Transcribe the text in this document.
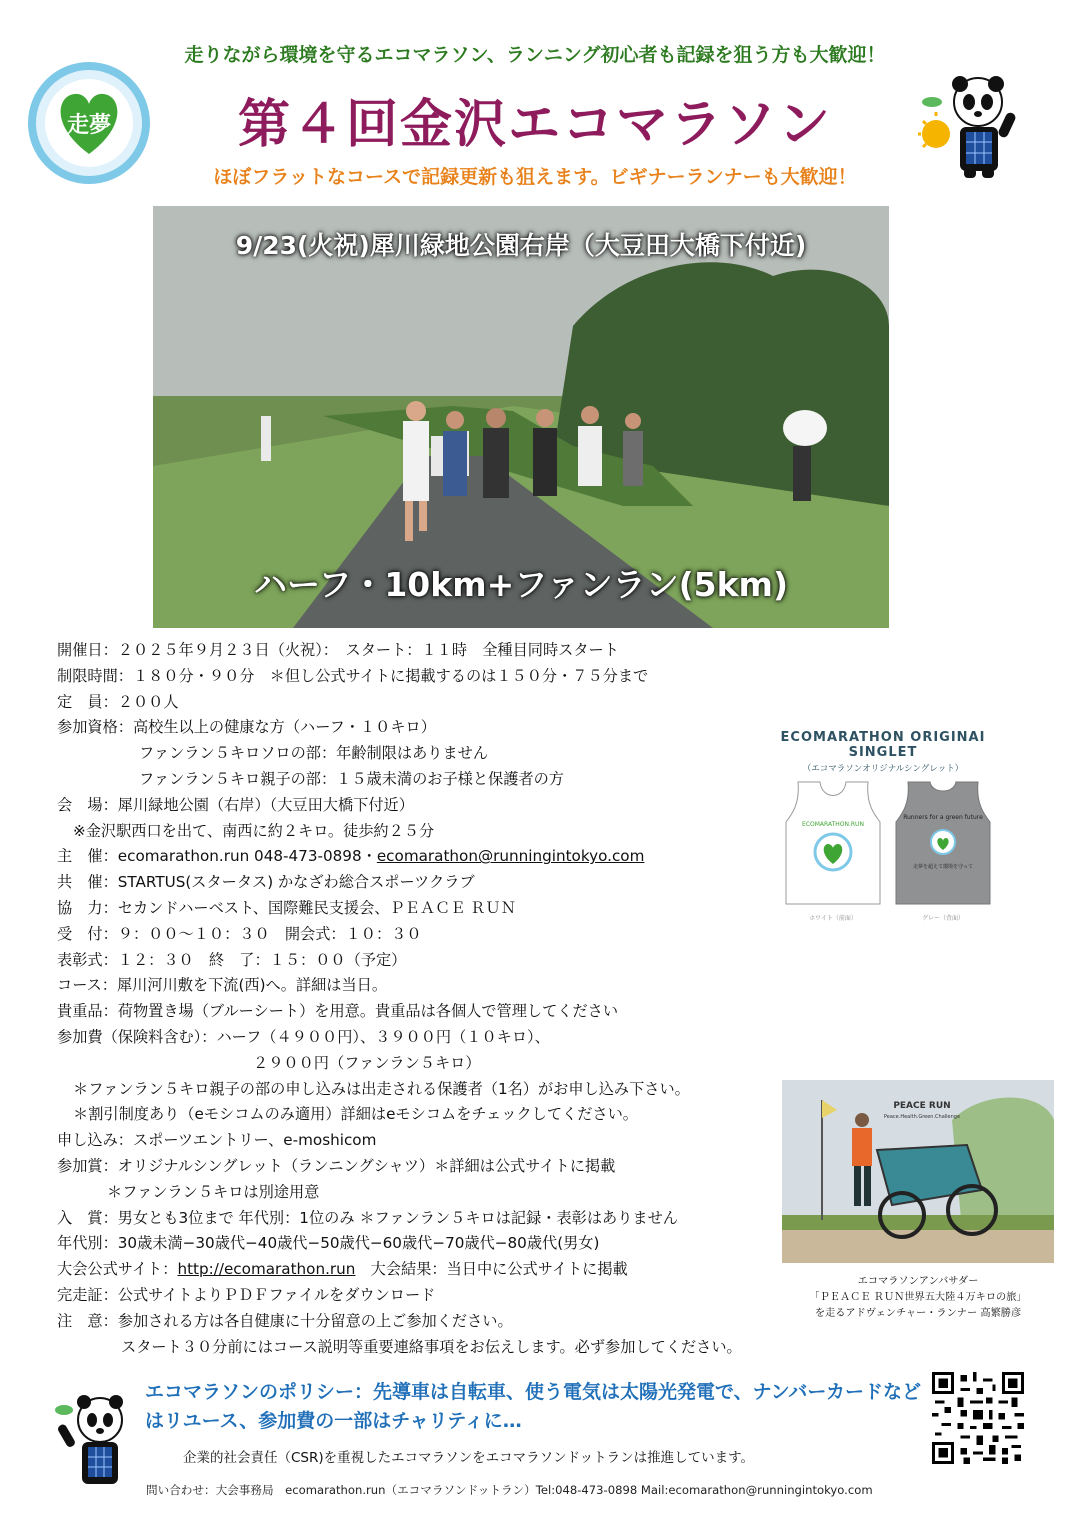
走りながら環境を守るエコマラソン、ランニング初心者も記録を狙う方も大歓迎！
走夢	第４回金沢エコマラソン
ほぼフラットなコースで記録更新も狙えます。ビギナーランナーも大歓迎！
9/23(火祝)犀川緑地公園右岸（大豆田大橋下付近)
ハーフ・10km+ファンラン(5km)
開催日：２０２５年９月２３日（火祝）：　スタート：１１時　全種目同時スタート
制限時間：１８０分・９０分　＊但し公式サイトに掲載するのは１５０分・７５分まで
定　員：２００人
参加資格：高校生以上の健康な方（ハーフ・１０キロ）
ファンラン５キロソロの部：年齢制限はありません
ファンラン５キロ親子の部：１５歳未満のお子様と保護者の方
会　場：犀川緑地公園（右岸）（大豆田大橋下付近）
※金沢駅西口を出て、南西に約２キロ。徒歩約２５分
主　催：ecomarathon.run 048-473-0898・ecomarathon@runningintokyo.com
共　催：STARTUS(スタータス) かなざわ総合スポーツクラブ
協　力：セカンドハーベスト、国際難民支援会、ＰＥＡＣＥ ＲＵＮ
受　付：９：００〜１０：３０　開会式：１０：３０
表彰式：１２：３０　終　了：１５：００（予定）
コース：犀川河川敷を下流(西)へ。詳細は当日。
貴重品：荷物置き場（ブルーシート）を用意。貴重品は各個人で管理してください
参加費（保険料含む）：ハーフ（４９００円）、３９００円（１０キロ）、
２９００円（ファンラン５キロ）
＊ファンラン５キロ親子の部の申し込みは出走される保護者（1名）がお申し込み下さい。
＊割引制度あり（eモシコムのみ適用）詳細はeモシコムをチェックしてください。
申し込み：スポーツエントリー、e-moshicom
参加賞：オリジナルシングレット（ランニングシャツ）＊詳細は公式サイトに掲載
＊ファンラン５キロは別途用意
入　賞：男女とも3位まで 年代別：1位のみ ＊ファンラン５キロは記録・表彰はありません
年代別：30歳未満−30歳代−40歳代−50歳代−60歳代−70歳代−80歳代(男女)
大会公式サイト：http://ecomarathon.run　大会結果：当日中に公式サイトに掲載
完走証：公式サイトよりＰＤＦファイルをダウンロード
注　意：参加される方は各自健康に十分留意の上ご参加ください。
スタート３０分前にはコース説明等重要連絡事項をお伝えします。必ず参加してください。
ECOMARATHON ORIGINAI SINGLET
（エコマラソンオリジナルシングレット）
ECOMARATHON.RUN
Runners for a green future
走夢を超えて環境を守って
ホワイト（前面）	グレー（背面）
PEACE RUN
Peace.Health.Green.Challenge
エコマラソンアンバサダー
「ＰＥＡＣＥ ＲＵＮ世界五大陸４万キロの旅」
を走るアドヴェンチャー・ランナー 高繁勝彦
エコマラソンのポリシー：先導車は自転車、使う電気は太陽光発電で、ナンバーカードなどはリユース、参加費の一部はチャリティに…
企業的社会責任（CSR)を重視したエコマラソンをエコマラソンドットランは推進しています。
問い合わせ：大会事務局　ecomarathon.run（エコマラソンドットラン）Tel:048-473-0898 Mail:ecomarathon@runningintokyo.com
